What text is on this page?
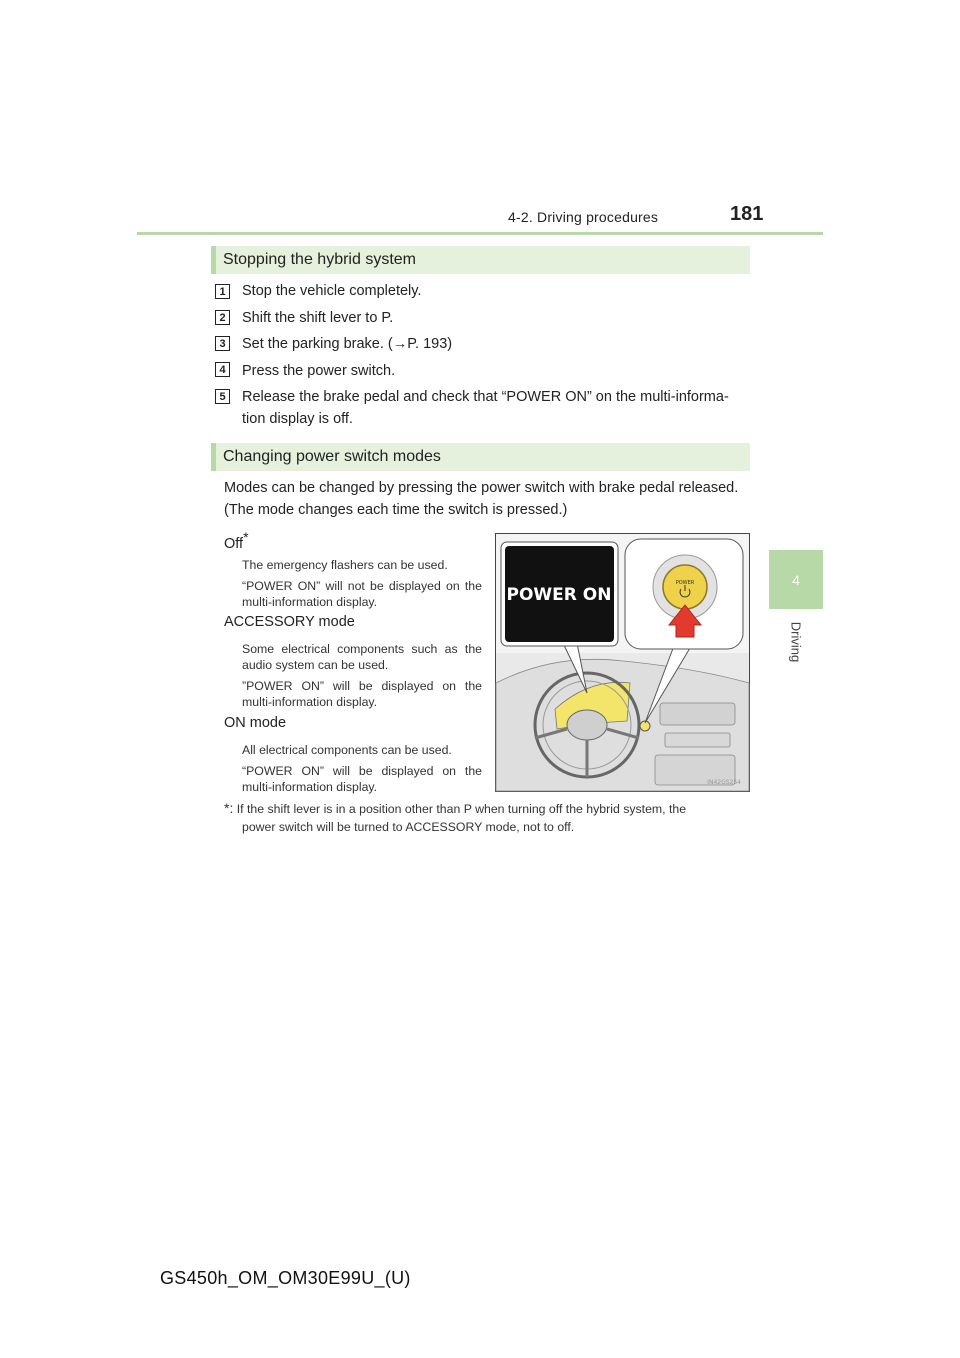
4-2. Driving procedures	181
4
Driving
Stopping the hybrid system
1	Stop the vehicle completely.
2	Shift the shift lever to P.
3	Set the parking brake. (→P. 193)
4	Press the power switch.
5	Release the brake pedal and check that “POWER ON” on the multi-informa-
tion display is off.
Changing power switch modes
Modes can be changed by pressing the power switch with brake pedal released.
(The mode changes each time the switch is pressed.)
Off*
The emergency flashers can be used.
“POWER ON” will not be displayed on the multi-information display.
ACCESSORY mode
Some electrical components such as the audio system can be used.
”POWER ON” will be displayed on the multi-information display.
ON mode
All electrical components can be used.
“POWER ON” will be displayed on the multi-information display.
POWER ON
POWER
IN42GS254
*: If the shift lever is in a position other than P when turning off the hybrid system, the
power switch will be turned to ACCESSORY mode, not to off.
GS450h_OM_OM30E99U_(U)
